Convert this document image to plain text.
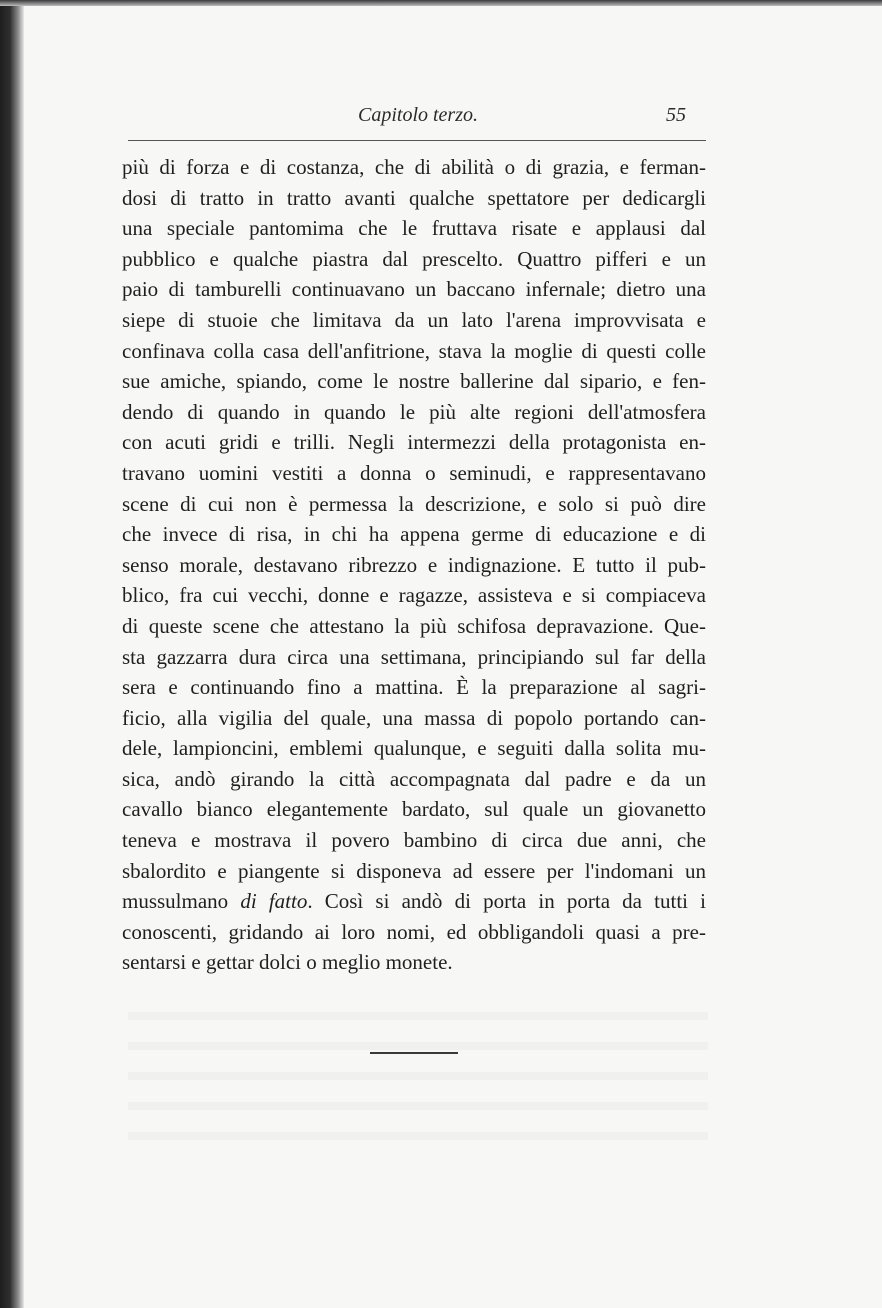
Capitolo terzo.	55
più di forza e di costanza, che di abilità o di grazia, e ferman-
dosi di tratto in tratto avanti qualche spettatore per dedicargli
una speciale pantomima che le fruttava risate e applausi dal
pubblico e qualche piastra dal prescelto. Quattro pifferi e un
paio di tamburelli continuavano un baccano infernale; dietro una
siepe di stuoie che limitava da un lato l'arena improvvisata e
confinava colla casa dell'anfitrione, stava la moglie di questi colle
sue amiche, spiando, come le nostre ballerine dal sipario, e fen-
dendo di quando in quando le più alte regioni dell'atmosfera
con acuti gridi e trilli. Negli intermezzi della protagonista en-
travano uomini vestiti a donna o seminudi, e rappresentavano
scene di cui non è permessa la descrizione, e solo si può dire
che invece di risa, in chi ha appena germe di educazione e di
senso morale, destavano ribrezzo e indignazione. E tutto il pub-
blico, fra cui vecchi, donne e ragazze, assisteva e si compiaceva
di queste scene che attestano la più schifosa depravazione. Que-
sta gazzarra dura circa una settimana, principiando sul far della
sera e continuando fino a mattina. È la preparazione al sagri-
ficio, alla vigilia del quale, una massa di popolo portando can-
dele, lampioncini, emblemi qualunque, e seguiti dalla solita mu-
sica, andò girando la città accompagnata dal padre e da un
cavallo bianco elegantemente bardato, sul quale un giovanetto
teneva e mostrava il povero bambino di circa due anni, che
sbalordito e piangente si disponeva ad essere per l'indomani un
mussulmano di fatto. Così si andò di porta in porta da tutti i
conoscenti, gridando ai loro nomi, ed obbligandoli quasi a pre-
sentarsi e gettar dolci o meglio monete.
